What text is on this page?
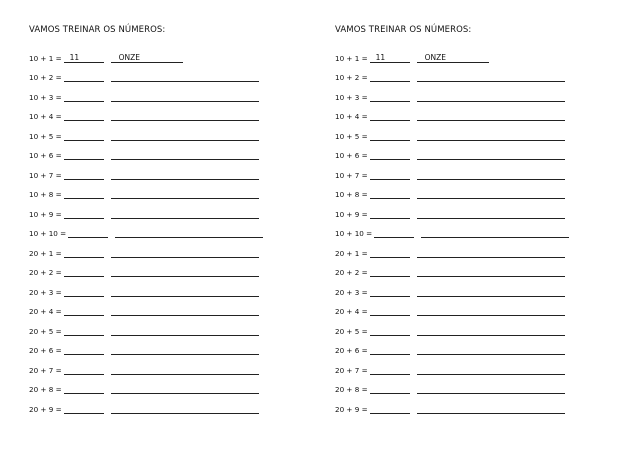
VAMOS TREINAR OS NÚMEROS:
10 + 1 = 11	ONZE
10 + 2 =
10 + 3 =
10 + 4 =
10 + 5 =
10 + 6 =
10 + 7 =
10 + 8 =
10 + 9 =
10 + 10 =
20 + 1 =
20 + 2 =
20 + 3 =
20 + 4 =
20 + 5 =
20 + 6 =
20 + 7 =
20 + 8 =
20 + 9 =
VAMOS TREINAR OS NÚMEROS:
10 + 1 = 11	ONZE
10 + 2 =
10 + 3 =
10 + 4 =
10 + 5 =
10 + 6 =
10 + 7 =
10 + 8 =
10 + 9 =
10 + 10 =
20 + 1 =
20 + 2 =
20 + 3 =
20 + 4 =
20 + 5 =
20 + 6 =
20 + 7 =
20 + 8 =
20 + 9 =
